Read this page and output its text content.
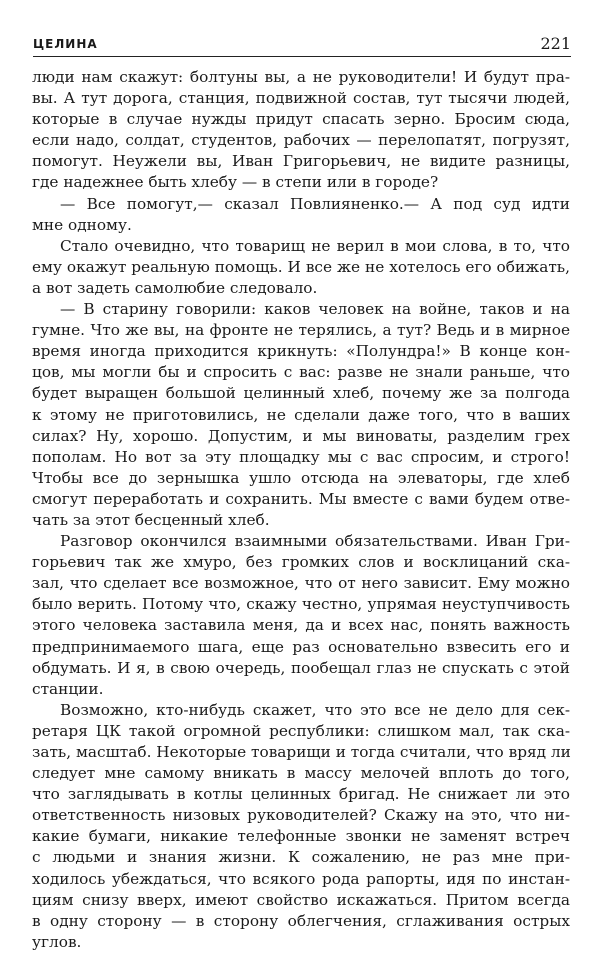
ЦЕЛИНА	221
люди нам скажут: болтуны вы, а не руководители! И будут пра-
вы. А тут дорога, станция, подвижной состав, тут тысячи людей,
которые в случае нужды придут спасать зерно. Бросим сюда,
если надо, солдат, студентов, рабочих — перелопатят, погрузят,
помогут. Неужели вы, Иван Григорьевич, не видите разницы,
где надежнее быть хлебу — в степи или в городе?
— Все помогут,— сказал Повлияненко.— А под суд идти
мне одному.
Стало очевидно, что товарищ не верил в мои слова, в то, что
ему окажут реальную помощь. И все же не хотелось его обижать,
а вот задеть самолюбие следовало.
— В старину говорили: каков человек на войне, таков и на
гумне. Что же вы, на фронте не терялись, а тут? Ведь и в мирное
время иногда приходится крикнуть: «Полундра!» В конце кон-
цов, мы могли бы и спросить с вас: разве не знали раньше, что
будет выращен большой целинный хлеб, почему же за полгода
к этому не приготовились, не сделали даже того, что в ваших
силах? Ну, хорошо. Допустим, и мы виноваты, разделим грех
пополам. Но вот за эту площадку мы с вас спросим, и строго!
Чтобы все до зернышка ушло отсюда на элеваторы, где хлеб
смогут переработать и сохранить. Мы вместе с вами будем отве-
чать за этот бесценный хлеб.
Разговор окончился взаимными обязательствами. Иван Гри-
горьевич так же хмуро, без громких слов и восклицаний ска-
зал, что сделает все возможное, что от него зависит. Ему можно
было верить. Потому что, скажу честно, упрямая неуступчивость
этого человека заставила меня, да и всех нас, понять важность
предпринимаемого шага, еще раз основательно взвесить его и
обдумать. И я, в свою очередь, пообещал глаз не спускать с этой
станции.
Возможно, кто-нибудь скажет, что это все не дело для сек-
ретаря ЦК такой огромной республики: слишком мал, так ска-
зать, масштаб. Некоторые товарищи и тогда считали, что вряд ли
следует мне самому вникать в массу мелочей вплоть до того,
что заглядывать в котлы целинных бригад. Не снижает ли это
ответственность низовых руководителей? Скажу на это, что ни-
какие бумаги, никакие телефонные звонки не заменят встреч
с людьми и знания жизни. К сожалению, не раз мне при-
ходилось убеждаться, что всякого рода рапорты, идя по инстан-
циям снизу вверх, имеют свойство искажаться. Притом всегда
в одну сторону — в сторону облегчения, сглаживания острых
углов.
